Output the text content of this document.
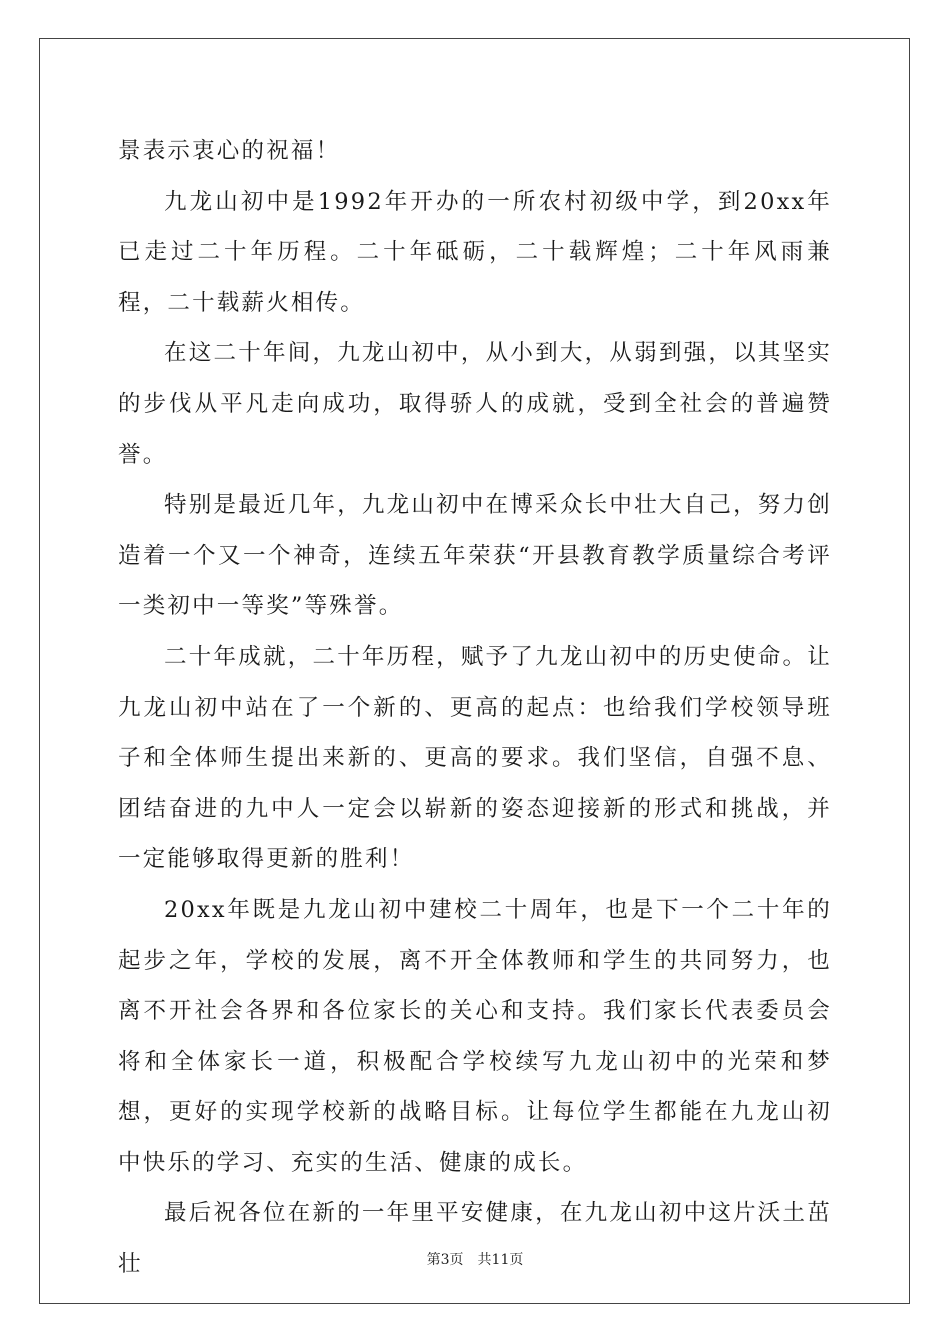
景表示衷心的祝福！

九龙山初中是1992年开办的一所农村初级中学，到20xx年已走过二十年历程。二十年砥砺，二十载辉煌；二十年风雨兼程，二十载薪火相传。

在这二十年间，九龙山初中，从小到大，从弱到强，以其坚实的步伐从平凡走向成功，取得骄人的成就，受到全社会的普遍赞誉。

特别是最近几年，九龙山初中在博采众长中壮大自己，努力创造着一个又一个神奇，连续五年荣获“开县教育教学质量综合考评一类初中一等奖”等殊誉。

二十年成就，二十年历程，赋予了九龙山初中的历史使命。让九龙山初中站在了一个新的、更高的起点：也给我们学校领导班子和全体师生提出来新的、更高的要求。我们坚信，自强不息、团结奋进的九中人一定会以崭新的姿态迎接新的形式和挑战，并一定能够取得更新的胜利！

20xx年既是九龙山初中建校二十周年，也是下一个二十年的起步之年，学校的发展，离不开全体教师和学生的共同努力，也离不开社会各界和各位家长的关心和支持。我们家长代表委员会将和全体家长一道，积极配合学校续写九龙山初中的光荣和梦想，更好的实现学校新的战略目标。让每位学生都能在九龙山初中快乐的学习、充实的生活、健康的成长。

最后祝各位在新的一年里平安健康，在九龙山初中这片沃土茁壮	第3页 共11页
